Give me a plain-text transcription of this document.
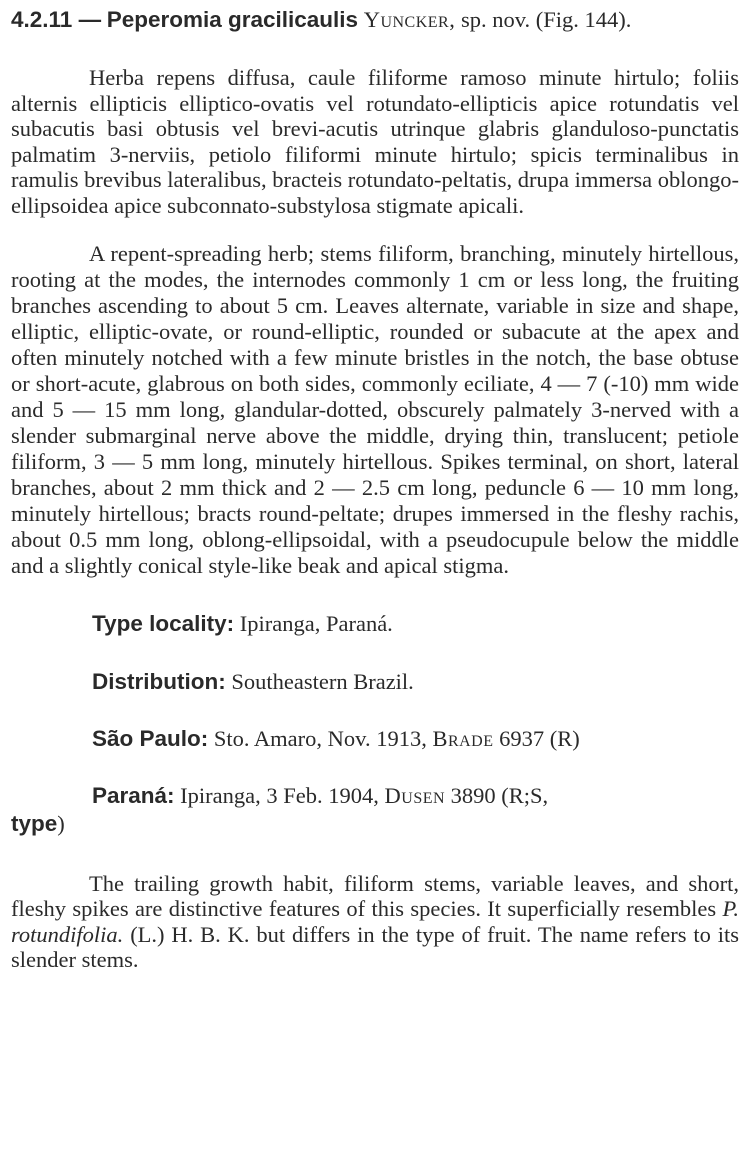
4.2.11 — Peperomia gracilicaulis Yuncker, sp. nov. (Fig. 144).

Herba repens diffusa, caule filiforme ramoso minute hirtulo; foliis alternis ellipticis elliptico-ovatis vel rotundato-ellipticis apice rotundatis vel subacutis basi obtusis vel brevi-acutis utrinque glabris glanduloso-punctatis palmatim 3-nerviis, petiolo filiformi minute hirtulo; spicis terminalibus in ramulis brevibus lateralibus, bracteis rotundato-peltatis, drupa immersa oblongo-ellipsoidea apice subconnato-substylosa stigmate apicali.

A repent-spreading herb; stems filiform, branching, minutely hirtellous, rooting at the modes, the internodes commonly 1 cm or less long, the fruiting branches ascending to about 5 cm. Leaves alternate, variable in size and shape, elliptic, elliptic-ovate, or round-elliptic, rounded or subacute at the apex and often minutely notched with a few minute bristles in the notch, the base obtuse or short-acute, glabrous on both sides, commonly eciliate, 4 — 7 (-10) mm wide and 5 — 15 mm long, glandular-dotted, obscurely palmately 3-nerved with a slender submarginal nerve above the middle, drying thin, translucent; petiole filiform, 3 — 5 mm long, minutely hirtellous. Spikes terminal, on short, lateral branches, about 2 mm thick and 2 — 2.5 cm long, peduncle 6 — 10 mm long, minutely hirtellous; bracts round-peltate; drupes immersed in the fleshy rachis, about 0.5 mm long, oblong-ellipsoidal, with a pseudocupule below the middle and a slightly conical style-like beak and apical stigma.

Type locality: Ipiranga, Paraná.
Distribution: Southeastern Brazil.
São Paulo: Sto. Amaro, Nov. 1913, Brade 6937 (R)
Paraná: Ipiranga, 3 Feb. 1904, Dusen 3890 (R;S,
type)

The trailing growth habit, filiform stems, variable leaves, and short, fleshy spikes are distinctive features of this species. It superficially resembles P. rotundifolia. (L.) H. B. K. but differs in the type of fruit. The name refers to its slender stems.
